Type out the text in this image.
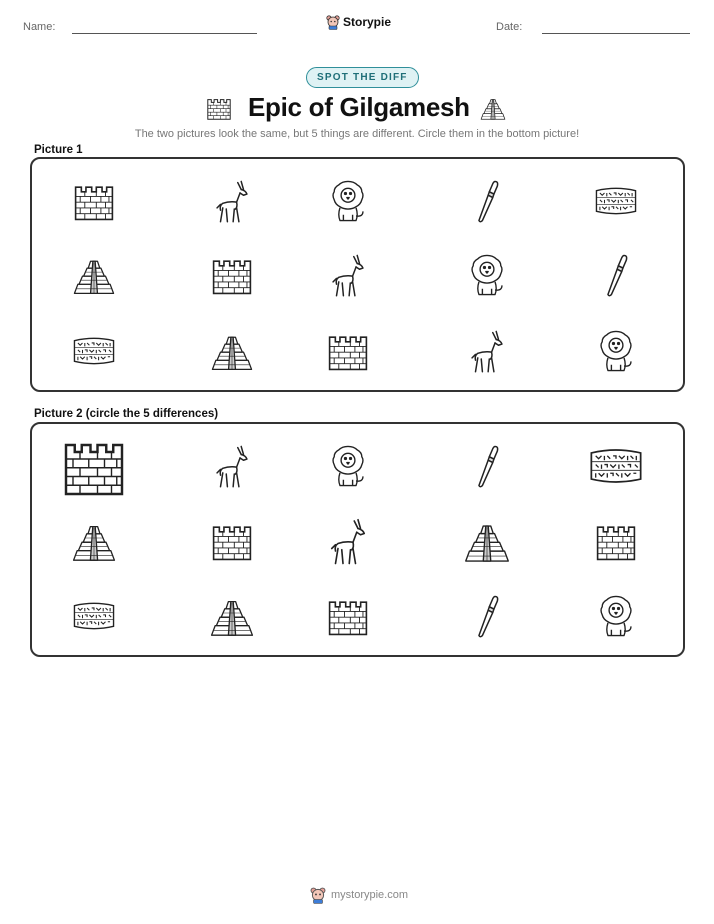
Name:	Storypie	Date:
SPOT THE DIFF
Epic of Gilgamesh
The two pictures look the same, but 5 things are different. Circle them in the bottom picture!
Picture 1
Picture 2 (circle the 5 differences)
mystorypie.com
